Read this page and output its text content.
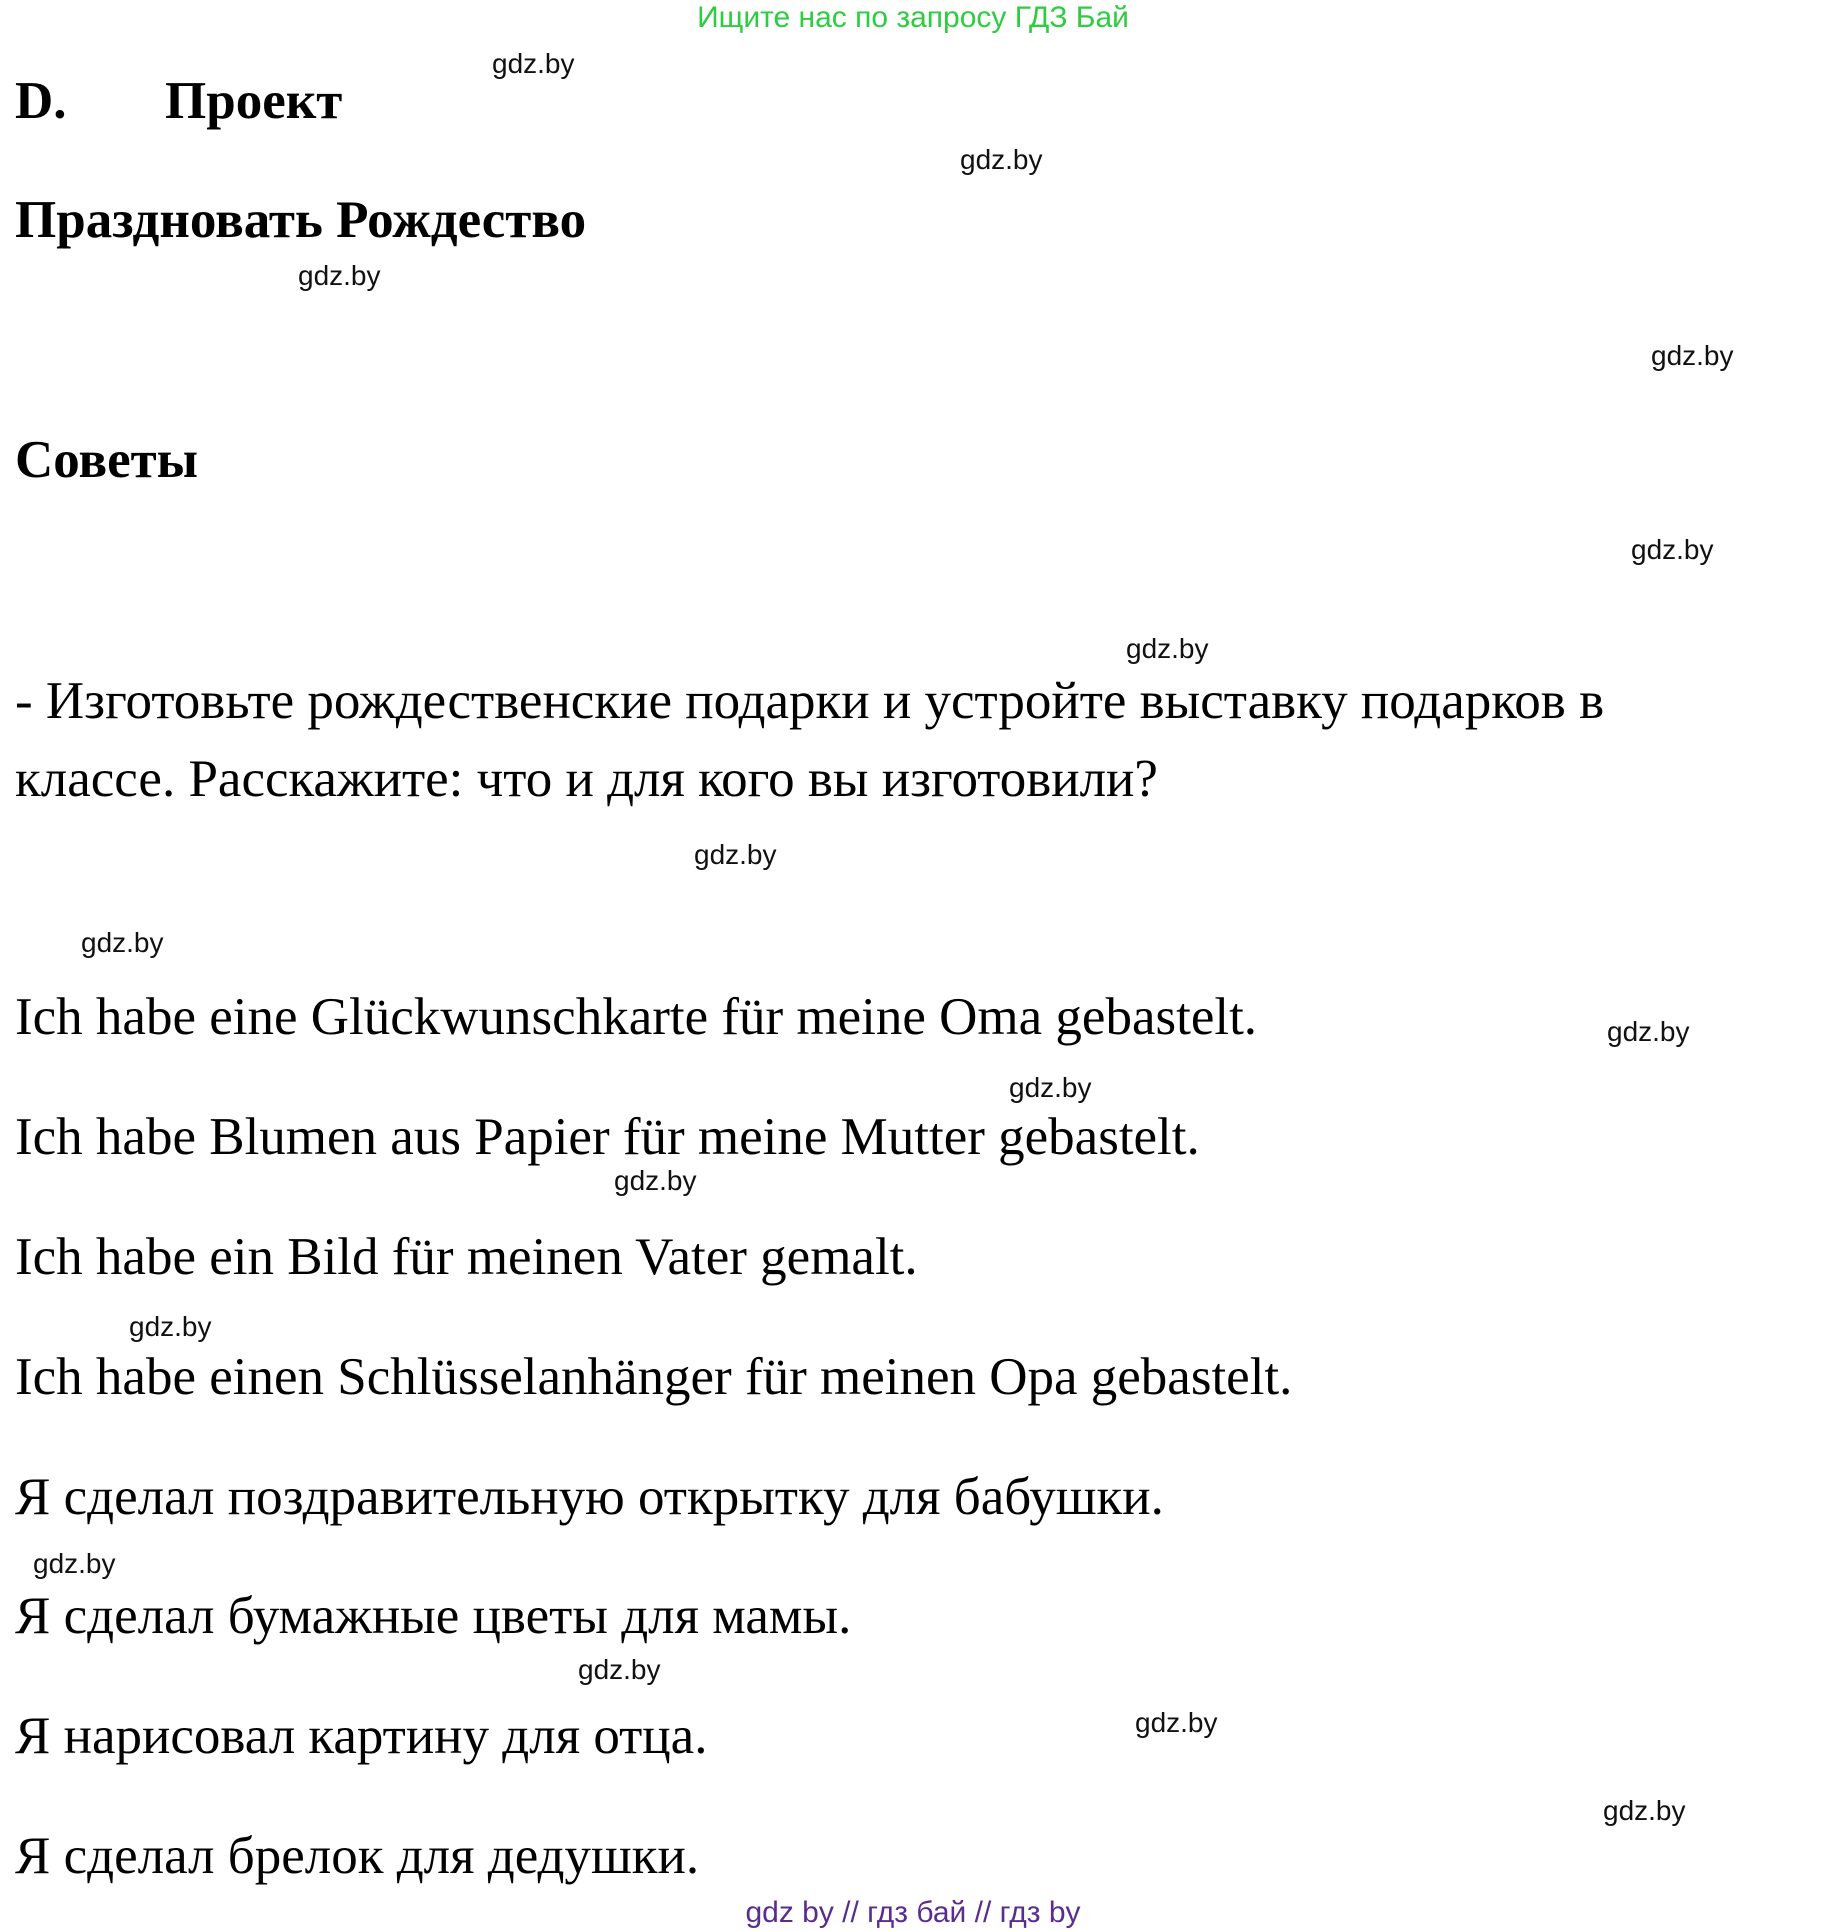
Ищите нас по запросу ГДЗ Бай
D. Проект
Праздновать Рождество
Советы
- Изготовьте рождественские подарки и устройте выставку подарков в
классе. Расскажите: что и для кого вы изготовили?
Ich habe eine Glückwunschkarte für meine Oma gebastelt.
Ich habe Blumen aus Papier für meine Mutter gebastelt.
Ich habe ein Bild für meinen Vater gemalt.
Ich habe einen Schlüsselanhänger für meinen Opa gebastelt.
Я сделал поздравительную открытку для бабушки.
Я сделал бумажные цветы для мамы.
Я нарисовал картину для отца.
Я сделал брелок для дедушки.
gdz.by
gdz.by
gdz.by
gdz.by
gdz.by
gdz.by
gdz.by
gdz.by
gdz.by
gdz.by
gdz.by
gdz.by
gdz.by
gdz.by
gdz.by
gdz.by
gdz by // гдз бай // гдз by
